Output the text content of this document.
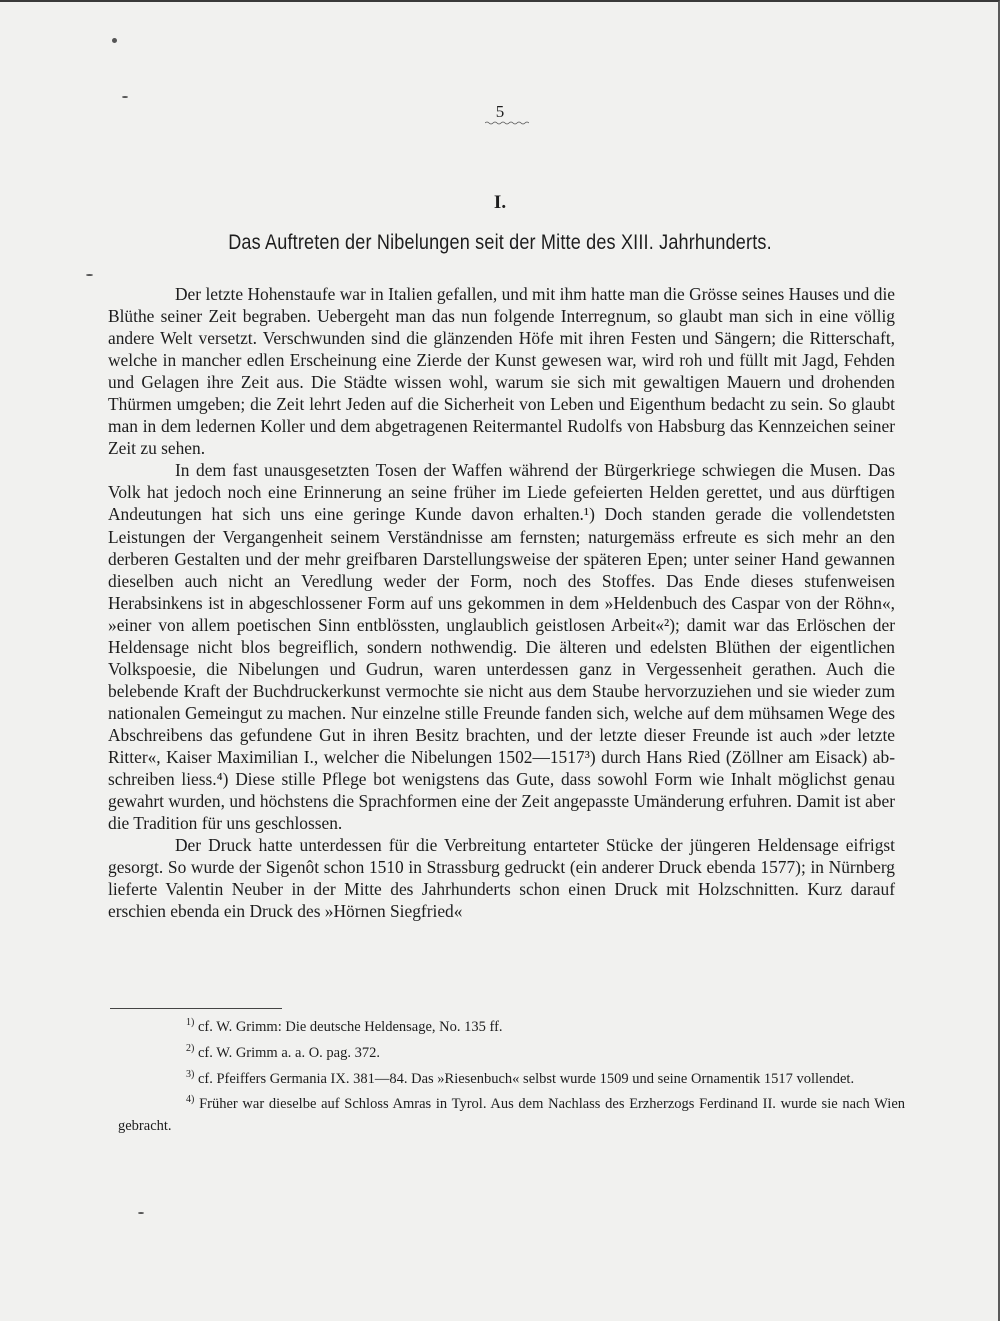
5
I.
Das Auftreten der Nibelungen seit der Mitte des XIII. Jahrhunderts.

Der letzte Hohenstaufe war in Italien gefallen, und mit ihm hatte man die Grösse seines Hauses und die Blüthe seiner Zeit begraben. Uebergeht man das nun folgende Interregnum, so glaubt man sich in eine völlig andere Welt versetzt. Verschwunden sind die glänzenden Höfe mit ihren Festen und Sängern; die Ritterschaft, welche in mancher edlen Erscheinung eine Zierde der Kunst gewesen war, wird roh und füllt mit Jagd, Fehden und Gelagen ihre Zeit aus. Die Städte wissen wohl, warum sie sich mit gewaltigen Mauern und drohenden Thürmen umgeben; die Zeit lehrt Jeden auf die Sicherheit von Leben und Eigenthum bedacht zu sein. So glaubt man in dem ledernen Koller und dem abgetragenen Reitermantel Rudolfs von Habsburg das Kennzeichen seiner Zeit zu sehen.

In dem fast unausgesetzten Tosen der Waffen während der Bürgerkriege schwiegen die Musen. Das Volk hat jedoch noch eine Erinnerung an seine früher im Liede gefeierten Helden gerettet, und aus dürftigen Andeutungen hat sich uns eine geringe Kunde davon erhalten.¹) Doch standen gerade die vollendetsten Leistungen der Vergangenheit seinem Verständnisse am fernsten; naturgemäss erfreute es sich mehr an den derberen Gestalten und der mehr greifbaren Darstellungsweise der späteren Epen; unter seiner Hand gewannen dieselben auch nicht an Veredlung weder der Form, noch des Stoffes. Das Ende dieses stufenweisen Herabsinkens ist in abgeschlossener Form auf uns gekommen in dem »Heldenbuch des Caspar von der Röhn«, »einer von allem poetischen Sinn entblössten, unglaublich geistlosen Arbeit«²); damit war das Erlöschen der Heldensage nicht blos begreiflich, sondern nothwendig. Die älteren und edelsten Blüthen der eigentlichen Volkspoesie, die Nibelungen und Gudrun, waren unterdessen ganz in Vergessenheit gerathen. Auch die belebende Kraft der Buchdruckerkunst vermochte sie nicht aus dem Staube hervorzuziehen und sie wieder zum nationalen Gemeingut zu machen. Nur einzelne stille Freunde fanden sich, welche auf dem mühsamen Wege des Abschreibens das gefundene Gut in ihren Besitz brachten, und der letzte dieser Freunde ist auch »der letzte Ritter«, Kaiser Maximilian I., welcher die Nibelungen 1502—1517³) durch Hans Ried (Zöllner am Eisack) abschreiben liess.⁴) Diese stille Pflege bot wenigstens das Gute, dass sowohl Form wie Inhalt möglichst genau gewahrt wurden, und höchstens die Sprachformen eine der Zeit angepasste Umänderung erfuhren. Damit ist aber die Tradition für uns geschlossen.

Der Druck hatte unterdessen für die Verbreitung entarteter Stücke der jüngeren Heldensage eifrigst gesorgt. So wurde der Sigenôt schon 1510 in Strassburg gedruckt (ein anderer Druck ebenda 1577); in Nürnberg lieferte Valentin Neuber in der Mitte des Jahrhunderts schon einen Druck mit Holzschnitten. Kurz darauf erschien ebenda ein Druck des »Hörnen Siegfried«

$^{1)}$ cf. W. Grimm: Die deutsche Heldensage, No. 135 ff.

$^{2)}$ cf. W. Grimm a. a. O. pag. 372.

$^{3)}$ cf. Pfeiffers Germania IX. 381—84. Das »Riesenbuch« selbst wurde 1509 und seine Ornamentik 1517 vollendet.

$^{4)}$ Früher war dieselbe auf Schloss Amras in Tyrol. Aus dem Nachlass des Erzherzogs Ferdinand II. wurde sie nach Wien gebracht.
